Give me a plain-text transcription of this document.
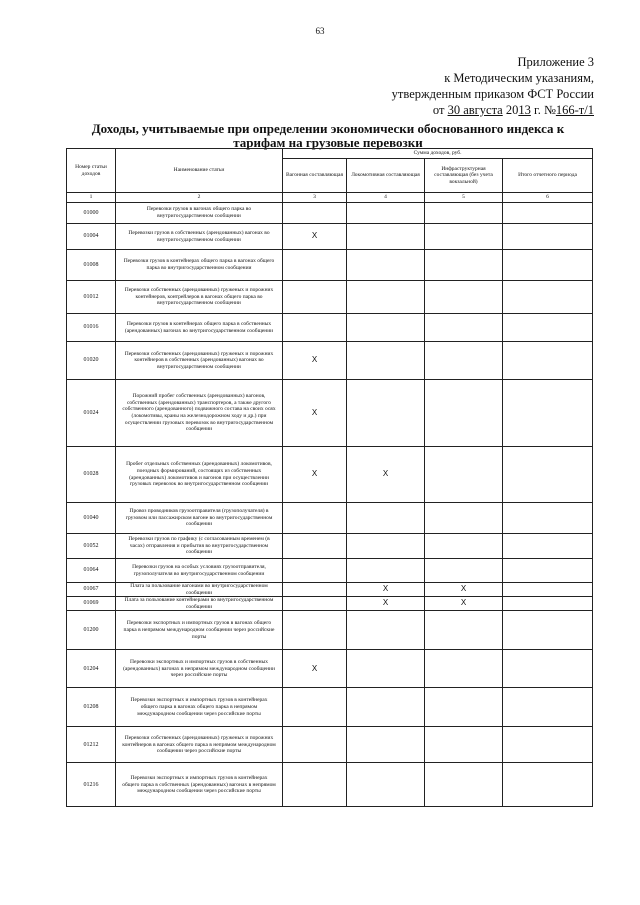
63
Приложение 3
к Методическим указаниям,
утвержденным приказом ФСТ России
от 30 августа 2013 г. №166-т/1
Доходы, учитываемые при определении экономически обоснованного индекса к тарифам на грузовые перевозки
Номер статьи доходов	Наименование статьи	Сумма доходов, руб.			
		Вагонная составляющая	Локомотивная составляющая	Инфраструктурная составляющая (без учета вокзальной)	Итого отчетного периода
1	2	3	4	5	6
01000	Перевозки грузов в вагонах общего парка во внутригосударственном сообщении				
01004	Перевозки грузов в собственных (арендованных) вагонах во внутригосударственном сообщении	X			
01008	Перевозки грузов в контейнерах общего парка в вагонах общего парка во внутригосударственном сообщении				
01012	Перевозки собственных (арендованных) груженых и порожних контейнеров, контрейлеров в вагонах общего парка во внутригосударственном сообщении				
01016	Перевозки грузов в контейнерах общего парка в собственных (арендованных) вагонах во внутригосударственном сообщении				
01020	Перевозки собственных (арендованных) груженых и порожних контейнеров в собственных (арендованных) вагонах во внутригосударственном сообщении	X			
01024	Порожний пробег собственных (арендованных) вагонов, собственных (арендованных) транспортеров, а также другого собственного (арендованного) подвижного состава на своих осях (локомотивы, краны на железнодорожном ходу и др.) при осуществлении грузовых перевозок во внутригосударственном сообщении	X			
01028	Пробег отдельных собственных (арендованных) локомотивов, поездных формирований, состоящих из собственных (арендованных) локомотивов и вагонов при осуществлении грузовых перевозок во внутригосударственном сообщении	X	X		
01040	Провоз проводников грузоотправителя (грузополучателя) в грузовом или пассажирском вагоне во внутригосударственном сообщении				
01052	Перевозки грузов по графику (с согласованным временем (в часах) отправления и прибытия во внутригосударственном сообщении				
01064	Перевозки грузов на особых условиях грузоотправителя, грузополучателя во внутригосударственном сообщении				
01067	Плата за пользование вагонами во внутригосударственном сообщении		X	X	
01069	Плата за пользование контейнерами во внутригосударственном сообщении		X	X	
01200	Перевозки экспортных и импортных грузов в вагонах общего парка в непрямом международном сообщении через российские порты				
01204	Перевозки экспортных и импортных грузов в собственных (арендованных) вагонах в непрямом международном сообщении через российские порты	X			
01208	Перевозки экспортных и импортных грузов в контейнерах общего парка в вагонах общего парка в непрямом международном сообщении через российские порты				
01212	Перевозки собственных (арендованных) груженых и порожних контейнеров в вагонах общего парка в непрямом международном сообщении через российские порты				
01216	Перевозки экспортных и импортных грузов в контейнерах общего парка в собственных (арендованных) вагонах в непрямом международном сообщении через российские порты				
